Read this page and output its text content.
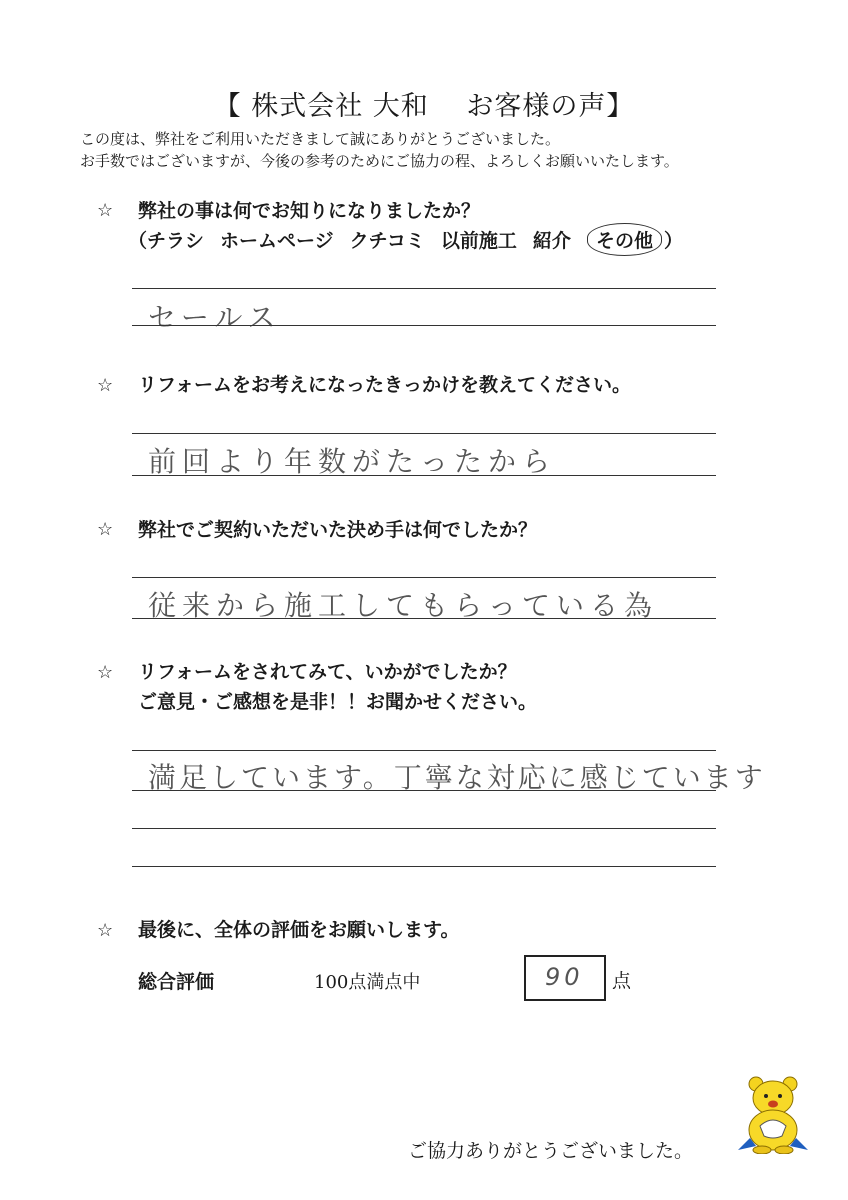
【 株式会社 大和　 お客様の声】
この度は、弊社をご利用いただきまして誠にありがとうございました。
お手数ではございますが、今後の参考のためにご協力の程、よろしくお願いいたします。
☆ 弊社の事は何でお知りになりましたか？
（チラシ ホームページ クチコミ 以前施工 紹介 その他 ）
セールス
☆ リフォームをお考えになったきっかけを教えてください。
前回より年数がたったから
☆ 弊社でご契約いただいた決め手は何でしたか？
従来から施工してもらっている為
☆ リフォームをされてみて、いかがでしたか？
ご意見・ご感想を是非！！お聞かせください。
満足しています。丁寧な対応に感じています
☆ 最後に、全体の評価をお願いします。
総合評価	100点満点中	90 点
ご協力ありがとうございました。
